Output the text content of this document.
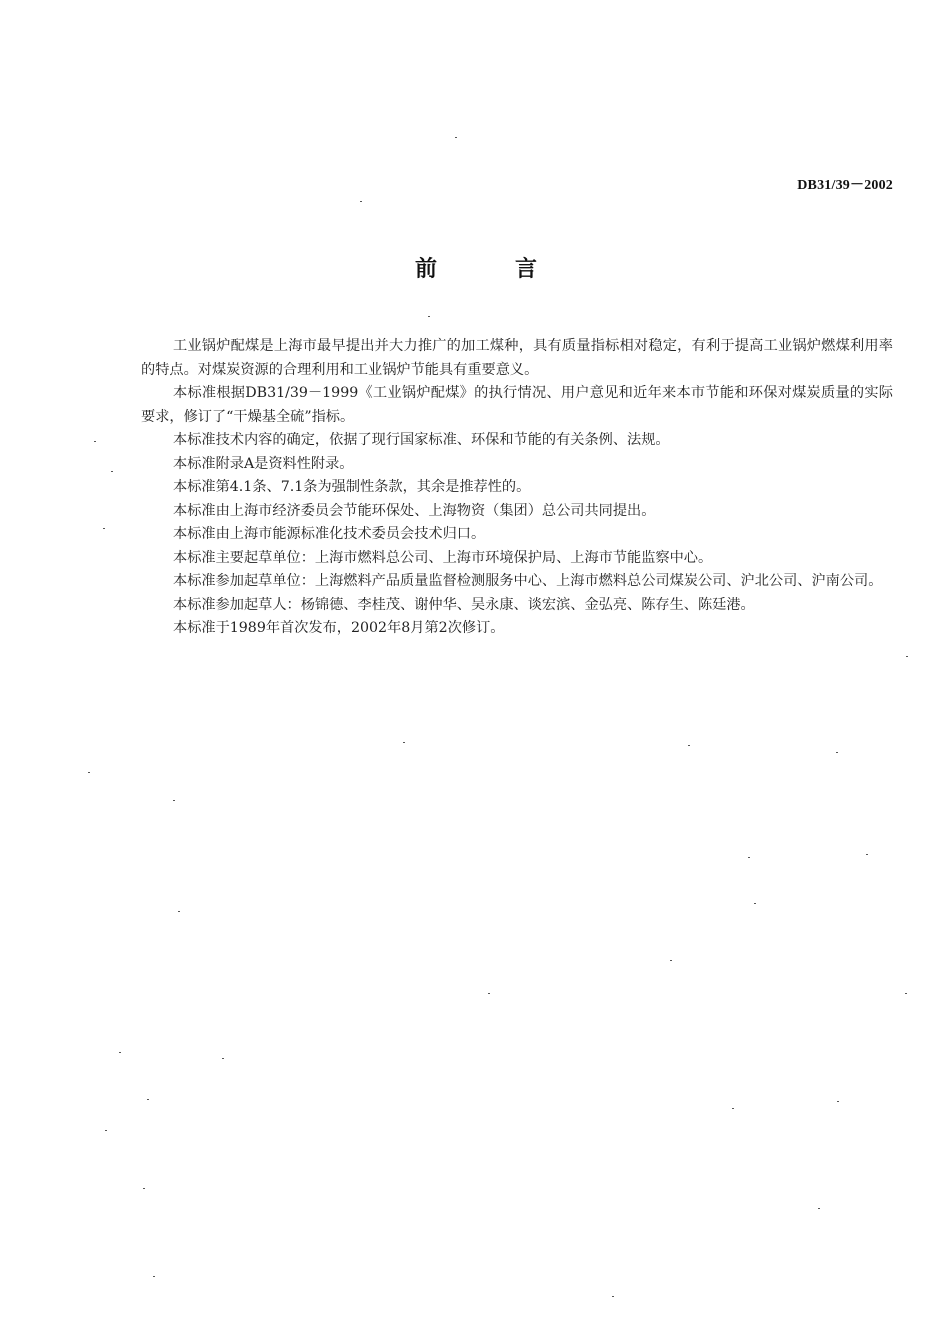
DB31/39－2002
前言

工业锅炉配煤是上海市最早提出并大力推广的加工煤种，具有质量指标相对稳定，有利于提高工业锅炉燃煤利用率的特点。对煤炭资源的合理利用和工业锅炉节能具有重要意义。

本标准根据DB31/39－1999《工业锅炉配煤》的执行情况、用户意见和近年来本市节能和环保对煤炭质量的实际要求，修订了“干燥基全硫”指标。

本标准技术内容的确定，依据了现行国家标准、环保和节能的有关条例、法规。

本标准附录A是资料性附录。

本标准第4.1条、7.1条为强制性条款，其余是推荐性的。

本标准由上海市经济委员会节能环保处、上海物资（集团）总公司共同提出。

本标准由上海市能源标准化技术委员会技术归口。

本标准主要起草单位：上海市燃料总公司、上海市环境保护局、上海市节能监察中心。

本标准参加起草单位：上海燃料产品质量监督检测服务中心、上海市燃料总公司煤炭公司、沪北公司、沪南公司。

本标准参加起草人：杨锦德、李桂茂、谢仲华、吴永康、谈宏滨、金弘亮、陈存生、陈廷港。

本标准于1989年首次发布，2002年8月第2次修订。
